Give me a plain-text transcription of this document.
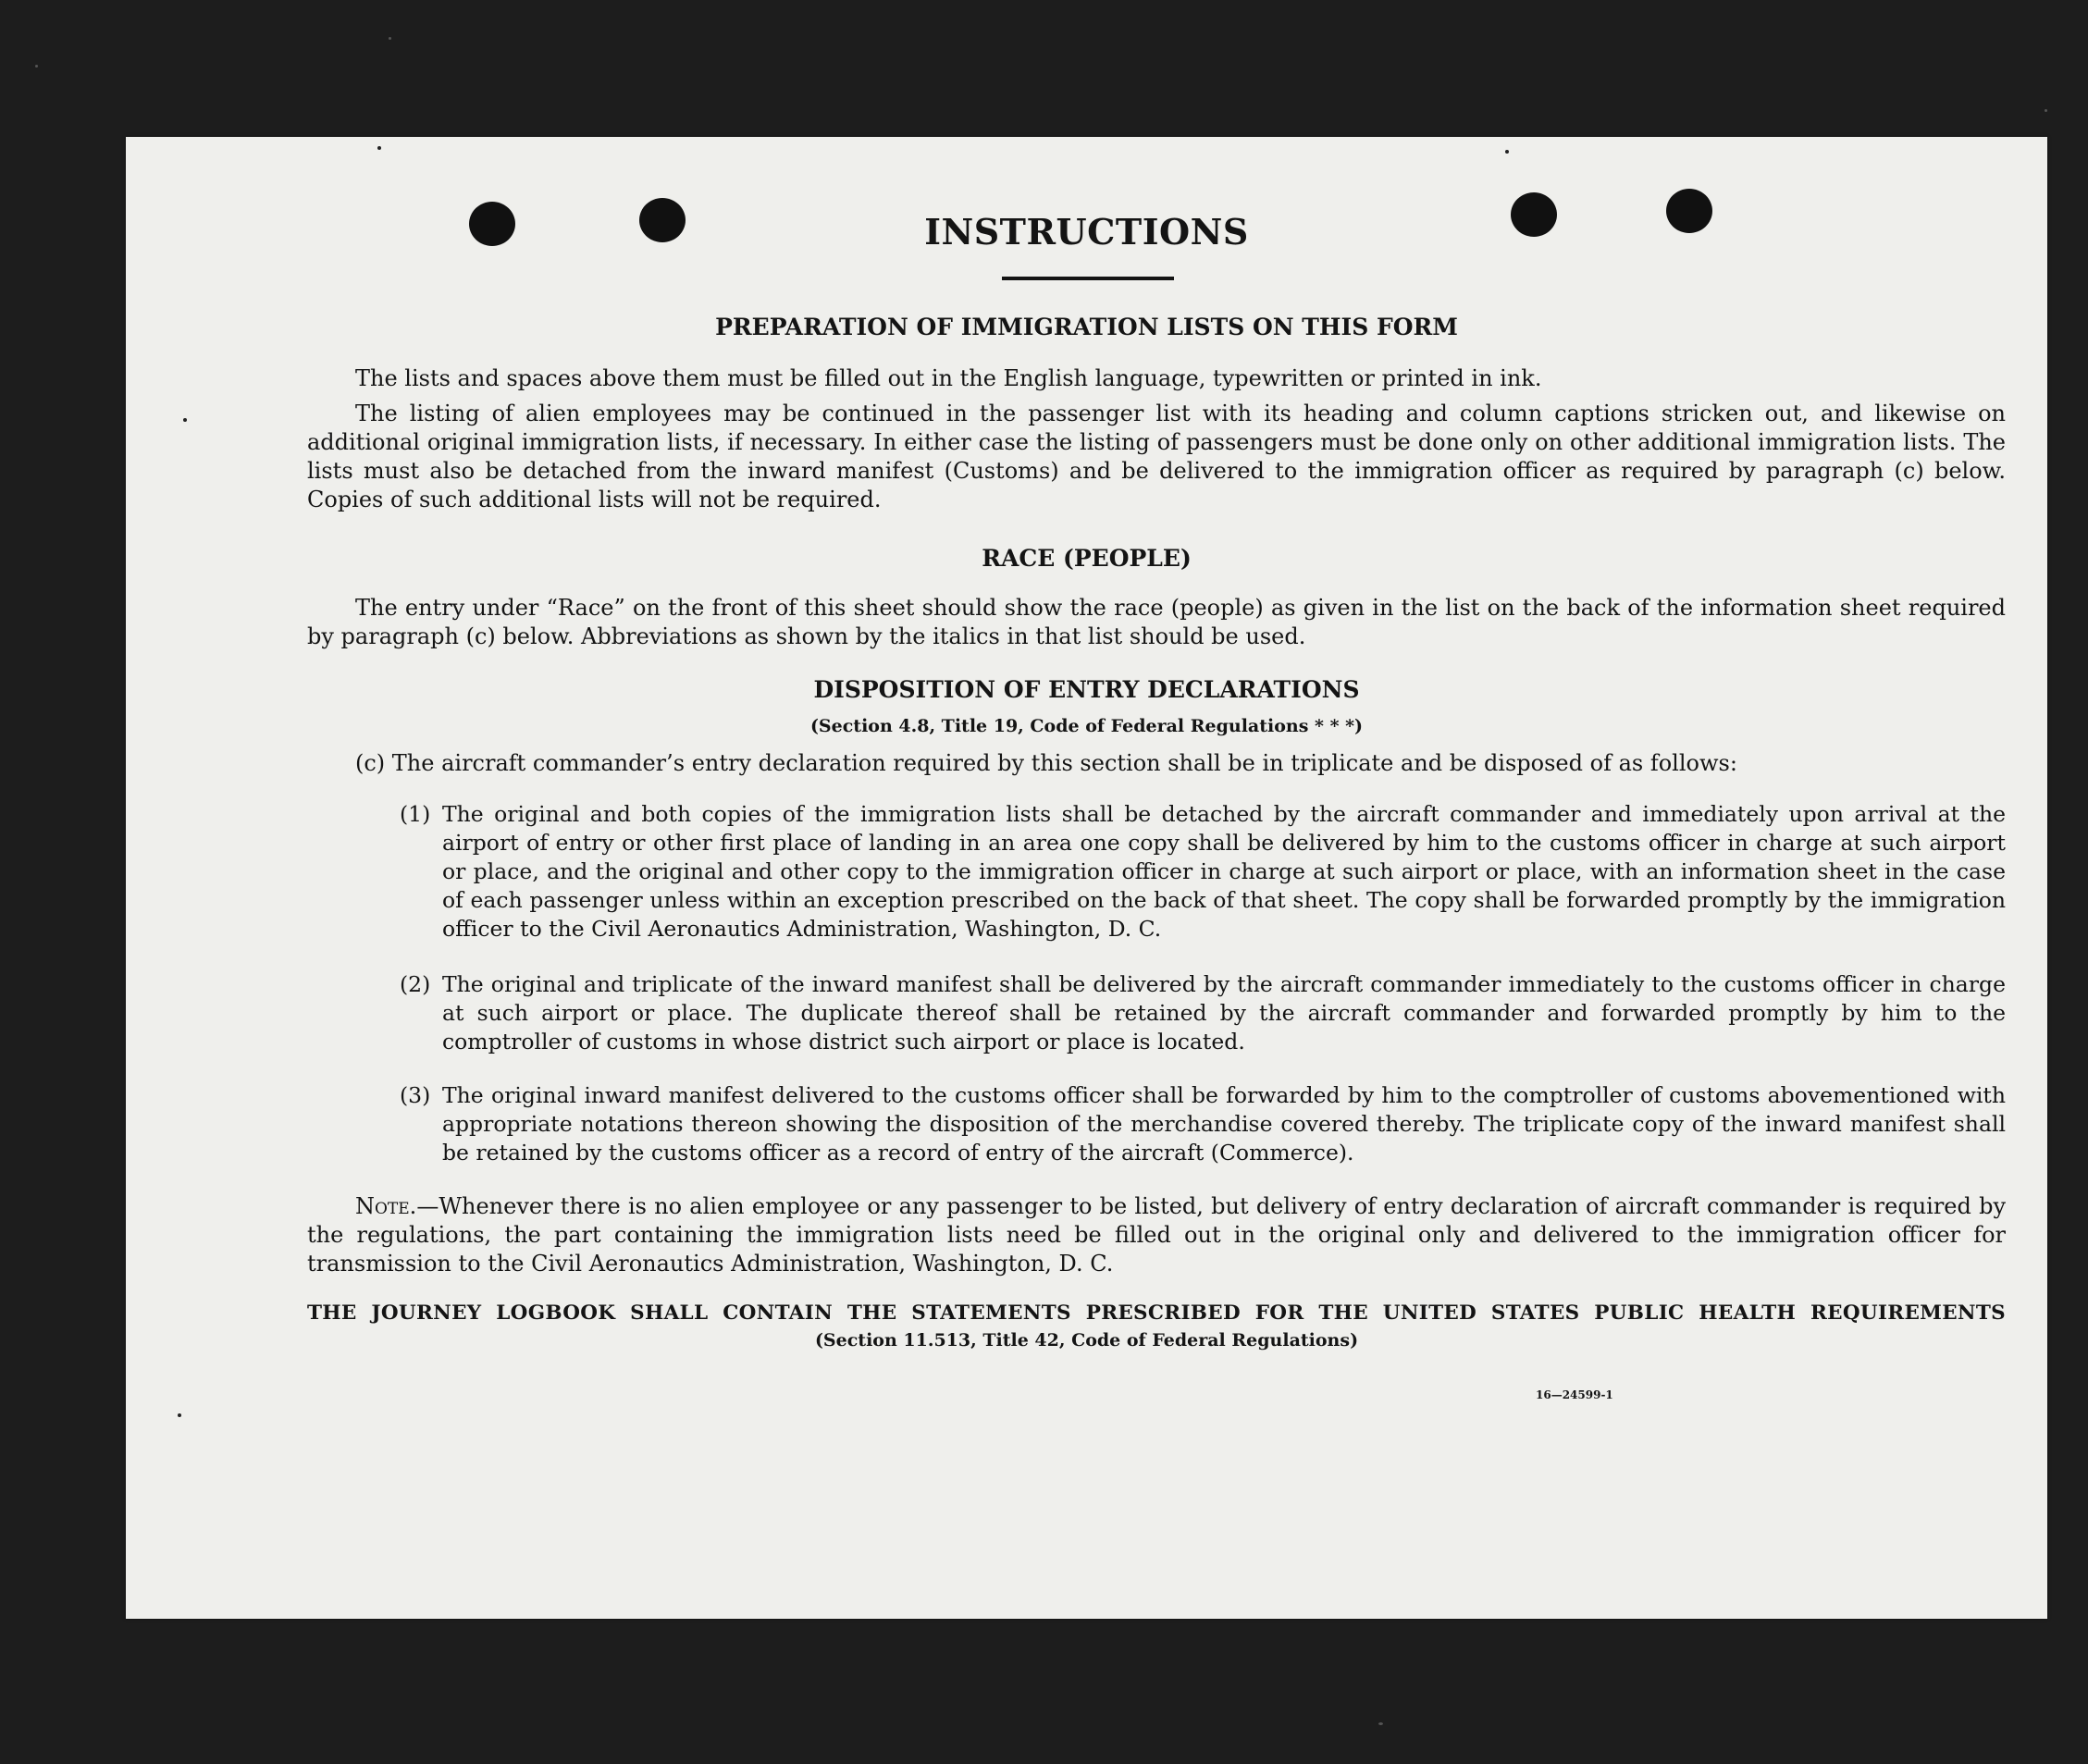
INSTRUCTIONS
PREPARATION OF IMMIGRATION LISTS ON THIS FORM
The lists and spaces above them must be filled out in the English language, typewritten or printed in ink.
The listing of alien employees may be continued in the passenger list with its heading and column captions stricken out, and likewise on additional original immigration lists, if necessary. In either case the listing of passengers must be done only on other additional immigration lists. The lists must also be detached from the inward manifest (Customs) and be delivered to the immigration officer as required by paragraph (c) below. Copies of such additional lists will not be required.
RACE (PEOPLE)
The entry under “Race” on the front of this sheet should show the race (people) as given in the list on the back of the information sheet required by paragraph (c) below. Abbreviations as shown by the italics in that list should be used.
DISPOSITION OF ENTRY DECLARATIONS
(Section 4.8, Title 19, Code of Federal Regulations * * *)
(c) The aircraft commander’s entry declaration required by this section shall be in triplicate and be disposed of as follows:
(1) The original and both copies of the immigration lists shall be detached by the aircraft commander and immediately upon arrival at the airport of entry or other first place of landing in an area one copy shall be delivered by him to the customs officer in charge at such airport or place, and the original and other copy to the immigration officer in charge at such airport or place, with an information sheet in the case of each passenger unless within an exception prescribed on the back of that sheet. The copy shall be forwarded promptly by the immigration officer to the Civil Aeronautics Administration, Washington, D. C.
(2) The original and triplicate of the inward manifest shall be delivered by the aircraft commander immediately to the customs officer in charge at such airport or place. The duplicate thereof shall be retained by the aircraft commander and forwarded promptly by him to the comptroller of customs in whose district such airport or place is located.
(3) The original inward manifest delivered to the customs officer shall be forwarded by him to the comptroller of customs abovementioned with appropriate notations thereon showing the disposition of the merchandise covered thereby. The triplicate copy of the inward manifest shall be retained by the customs officer as a record of entry of the aircraft (Commerce).
Note.—Whenever there is no alien employee or any passenger to be listed, but delivery of entry declaration of aircraft commander is required by the regulations, the part containing the immigration lists need be filled out in the original only and delivered to the immigration officer for transmission to the Civil Aeronautics Administration, Washington, D. C.
THE JOURNEY LOGBOOK SHALL CONTAIN THE STATEMENTS PRESCRIBED FOR THE UNITED STATES PUBLIC HEALTH REQUIREMENTS
(Section 11.513, Title 42, Code of Federal Regulations)
16—24599-1
